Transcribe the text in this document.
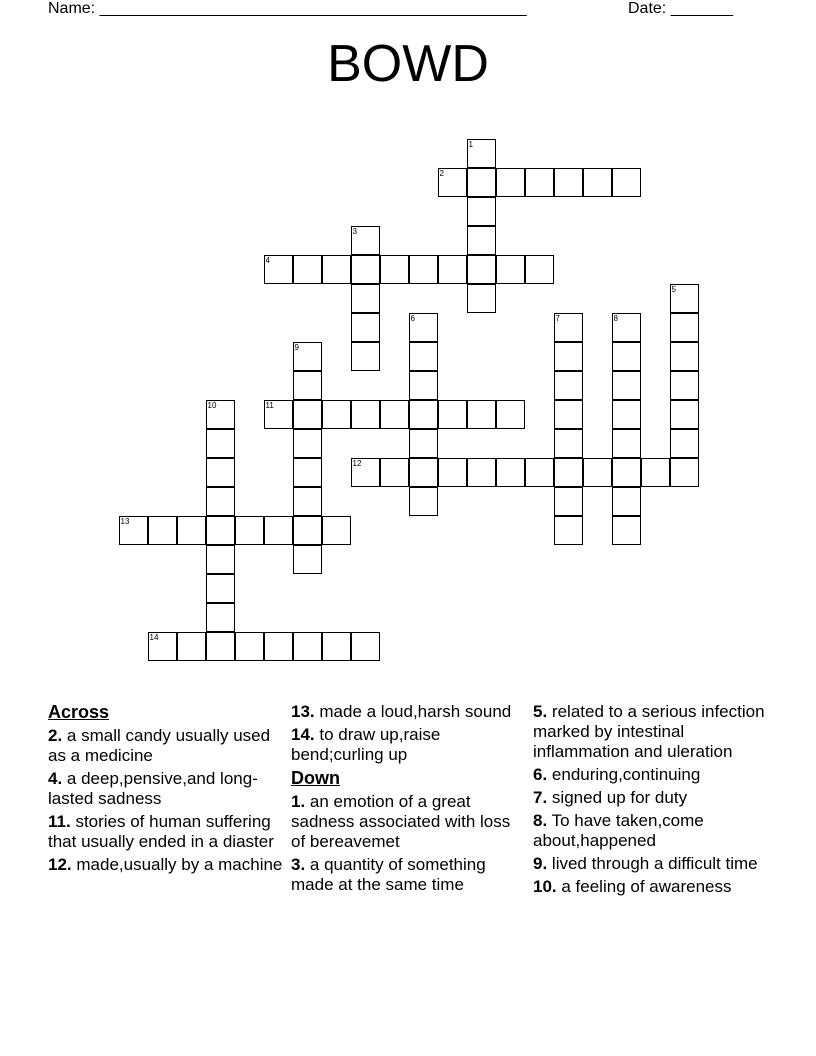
Name: ________________________________________________	Date: _______
BOWD
1
2
3
4
5
6	7	8
9
10	11
12
13
14
Across
2. a small candy usually used as a medicine
4. a deep,pensive,and long-lasted sadness
11. stories of human suffering that usually ended in a diaster
12. made,usually by a machine
13. made a loud,harsh sound
14. to draw up,raise bend;curling up
Down
1. an emotion of a great sadness associated with loss of bereavemet
3. a quantity of something made at the same time
5. related to a serious infection marked by intestinal inflammation and uleration
6. enduring,continuing
7. signed up for duty
8. To have taken,come about,happened
9. lived through a difficult time
10. a feeling of awareness
